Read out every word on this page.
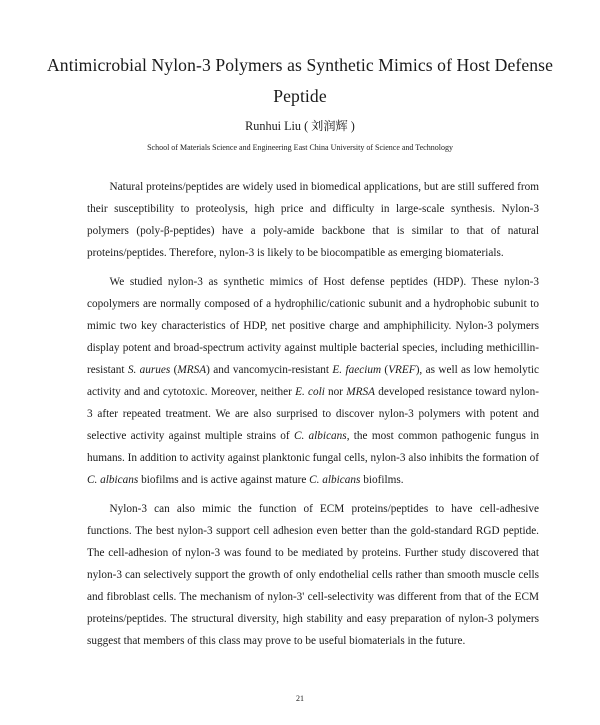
Antimicrobial Nylon-3 Polymers as Synthetic Mimics of Host Defense Peptide
Runhui Liu ( 刘润辉 )
School of Materials Science and Engineering East China University of Science and Technology

Natural proteins/peptides are widely used in biomedical applications, but are still suffered from their susceptibility to proteolysis, high price and difficulty in large-scale synthesis. Nylon-3 polymers (poly-β-peptides) have a poly-amide backbone that is similar to that of natural proteins/peptides. Therefore, nylon-3 is likely to be biocompatible as emerging biomaterials.

We studied nylon-3 as synthetic mimics of Host defense peptides (HDP). These nylon-3 copolymers are normally composed of a hydrophilic/cationic subunit and a hydrophobic subunit to mimic two key characteristics of HDP, net positive charge and amphiphilicity. Nylon-3 polymers display potent and broad-spectrum activity against multiple bacterial species, including methicillin-resistant S. aurues (MRSA) and vancomycin-resistant E. faecium (VREF), as well as low hemolytic activity and and cytotoxic. Moreover, neither E. coli nor MRSA developed resistance toward nylon-3 after repeated treatment. We are also surprised to discover nylon-3 polymers with potent and selective activity against multiple strains of C. albicans, the most common pathogenic fungus in humans. In addition to activity against planktonic fungal cells, nylon-3 also inhibits the formation of C. albicans biofilms and is active against mature C. albicans biofilms.

Nylon-3 can also mimic the function of ECM proteins/peptides to have cell-adhesive functions. The best nylon-3 support cell adhesion even better than the gold-standard RGD peptide. The cell-adhesion of nylon-3 was found to be mediated by proteins. Further study discovered that nylon-3 can selectively support the growth of only endothelial cells rather than smooth muscle cells and fibroblast cells. The mechanism of nylon-3' cell-selectivity was different from that of the ECM proteins/peptides. The structural diversity, high stability and easy preparation of nylon-3 polymers suggest that members of this class may prove to be useful biomaterials in the future.

21
